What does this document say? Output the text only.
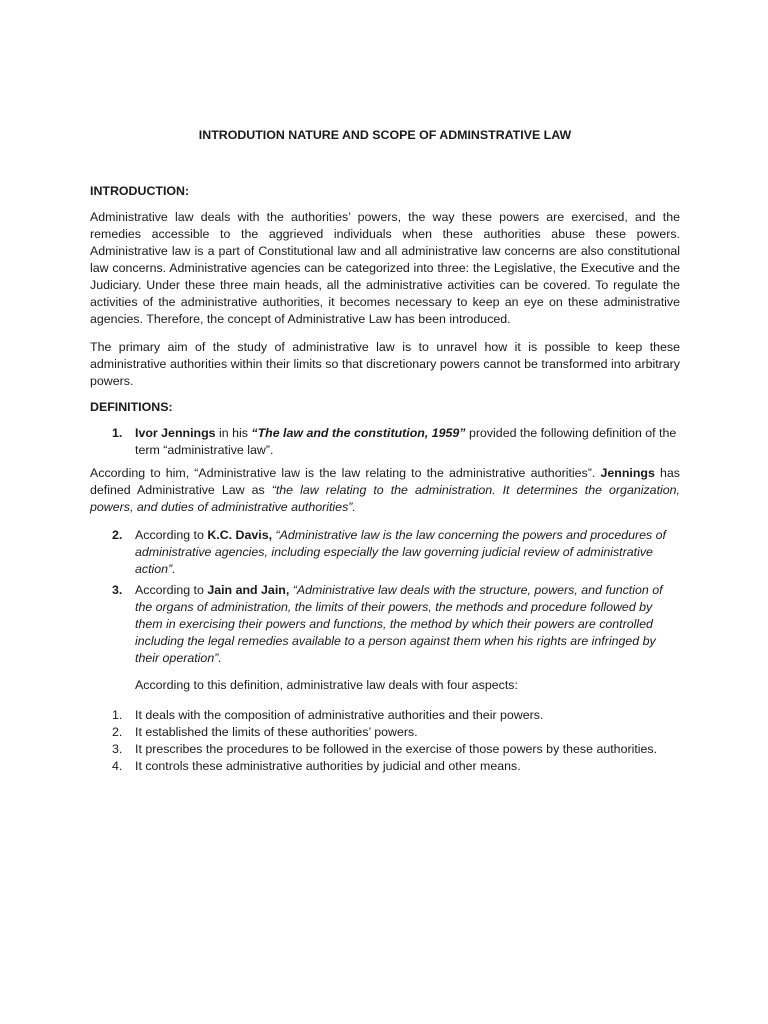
INTRODUTION NATURE AND SCOPE OF ADMINSTRATIVE LAW
INTRODUCTION:

Administrative law deals with the authorities’ powers, the way these powers are exercised, and the remedies accessible to the aggrieved individuals when these authorities abuse these powers. Administrative law is a part of Constitutional law and all administrative law concerns are also constitutional law concerns. Administrative agencies can be categorized into three: the Legislative, the Executive and the Judiciary. Under these three main heads, all the administrative activities can be covered. To regulate the activities of the administrative authorities, it becomes necessary to keep an eye on these administrative agencies. Therefore, the concept of Administrative Law has been introduced.

The primary aim of the study of administrative law is to unravel how it is possible to keep these administrative authorities within their limits so that discretionary powers cannot be transformed into arbitrary powers.

DEFINITIONS:
1. Ivor Jennings in his “The law and the constitution, 1959” provided the following definition of the term “administrative law”.

According to him, “Administrative law is the law relating to the administrative authorities”. Jennings has defined Administrative Law as “the law relating to the administration. It determines the organization, powers, and duties of administrative authorities”.

2. According to K.C. Davis, “Administrative law is the law concerning the powers and procedures of administrative agencies, including especially the law governing judicial review of administrative action”.
3. According to Jain and Jain, “Administrative law deals with the structure, powers, and function of the organs of administration, the limits of their powers, the methods and procedure followed by them in exercising their powers and functions, the method by which their powers are controlled including the legal remedies available to a person against them when his rights are infringed by their operation”.

According to this definition, administrative law deals with four aspects:

1. It deals with the composition of administrative authorities and their powers.
2. It established the limits of these authorities’ powers.
3. It prescribes the procedures to be followed in the exercise of those powers by these authorities.
4. It controls these administrative authorities by judicial and other means.
